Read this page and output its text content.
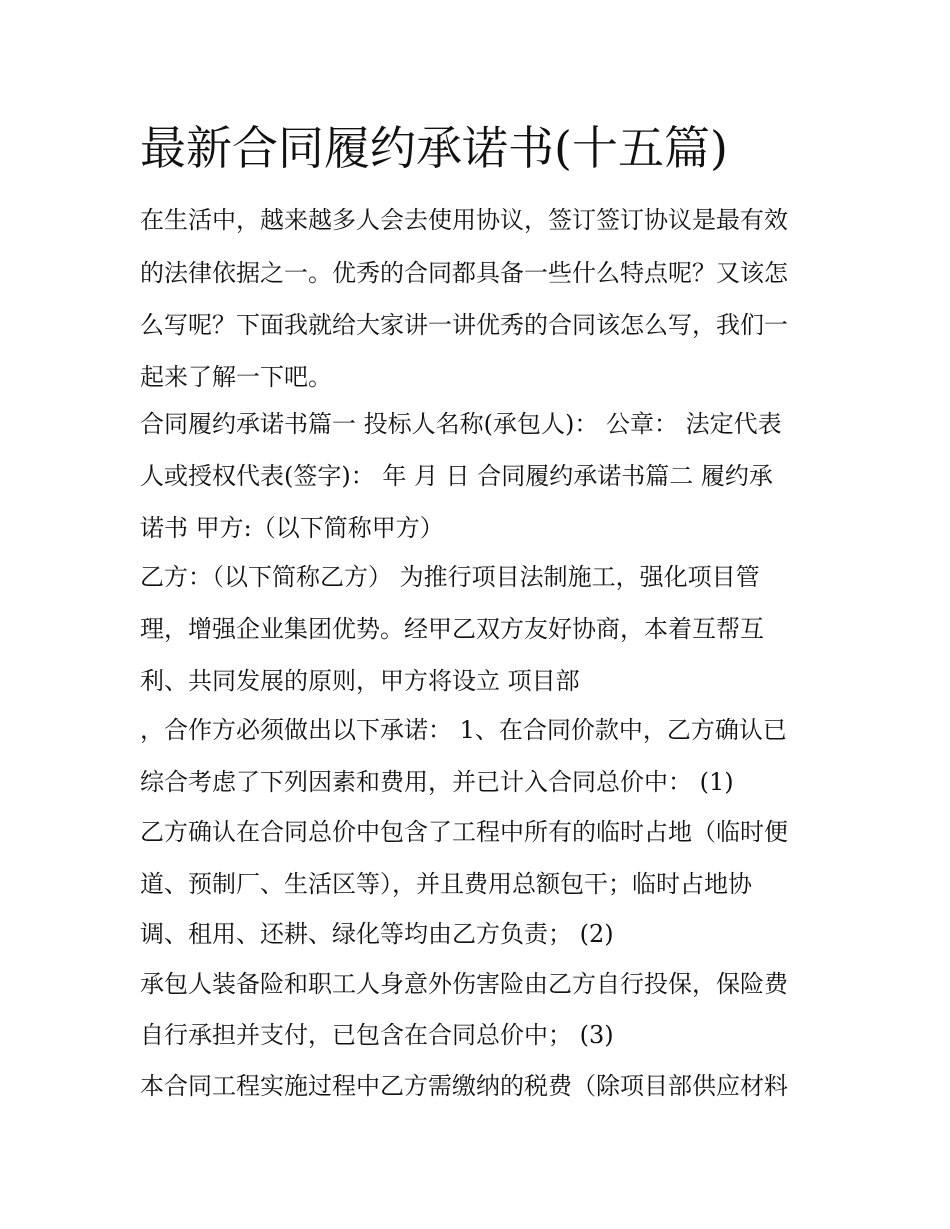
最新合同履约承诺书(十五篇)
在生活中，越来越多人会去使用协议，签订签订协议是最有效
的法律依据之一。优秀的合同都具备一些什么特点呢？又该怎
么写呢？下面我就给大家讲一讲优秀的合同该怎么写，我们一
起来了解一下吧。
合同履约承诺书篇一 投标人名称(承包人)： 公章： 法定代表
人或授权代表(签字)： 年 月 日 合同履约承诺书篇二 履约承
诺书 甲方:（以下简称甲方）
乙方：（以下简称乙方） 为推行项目法制施工，强化项目管
理，增强企业集团优势。经甲乙双方友好协商，本着互帮互
利、共同发展的原则，甲方将设立 项目部
，合作方必须做出以下承诺： 1、在合同价款中，乙方确认已
综合考虑了下列因素和费用，并已计入合同总价中： (1)
乙方确认在合同总价中包含了工程中所有的临时占地（临时便
道、预制厂、生活区等），并且费用总额包干；临时占地协
调、租用、还耕、绿化等均由乙方负责； (2)
承包人装备险和职工人身意外伤害险由乙方自行投保，保险费
自行承担并支付，已包含在合同总价中； (3)
本合同工程实施过程中乙方需缴纳的税费（除项目部供应材料
